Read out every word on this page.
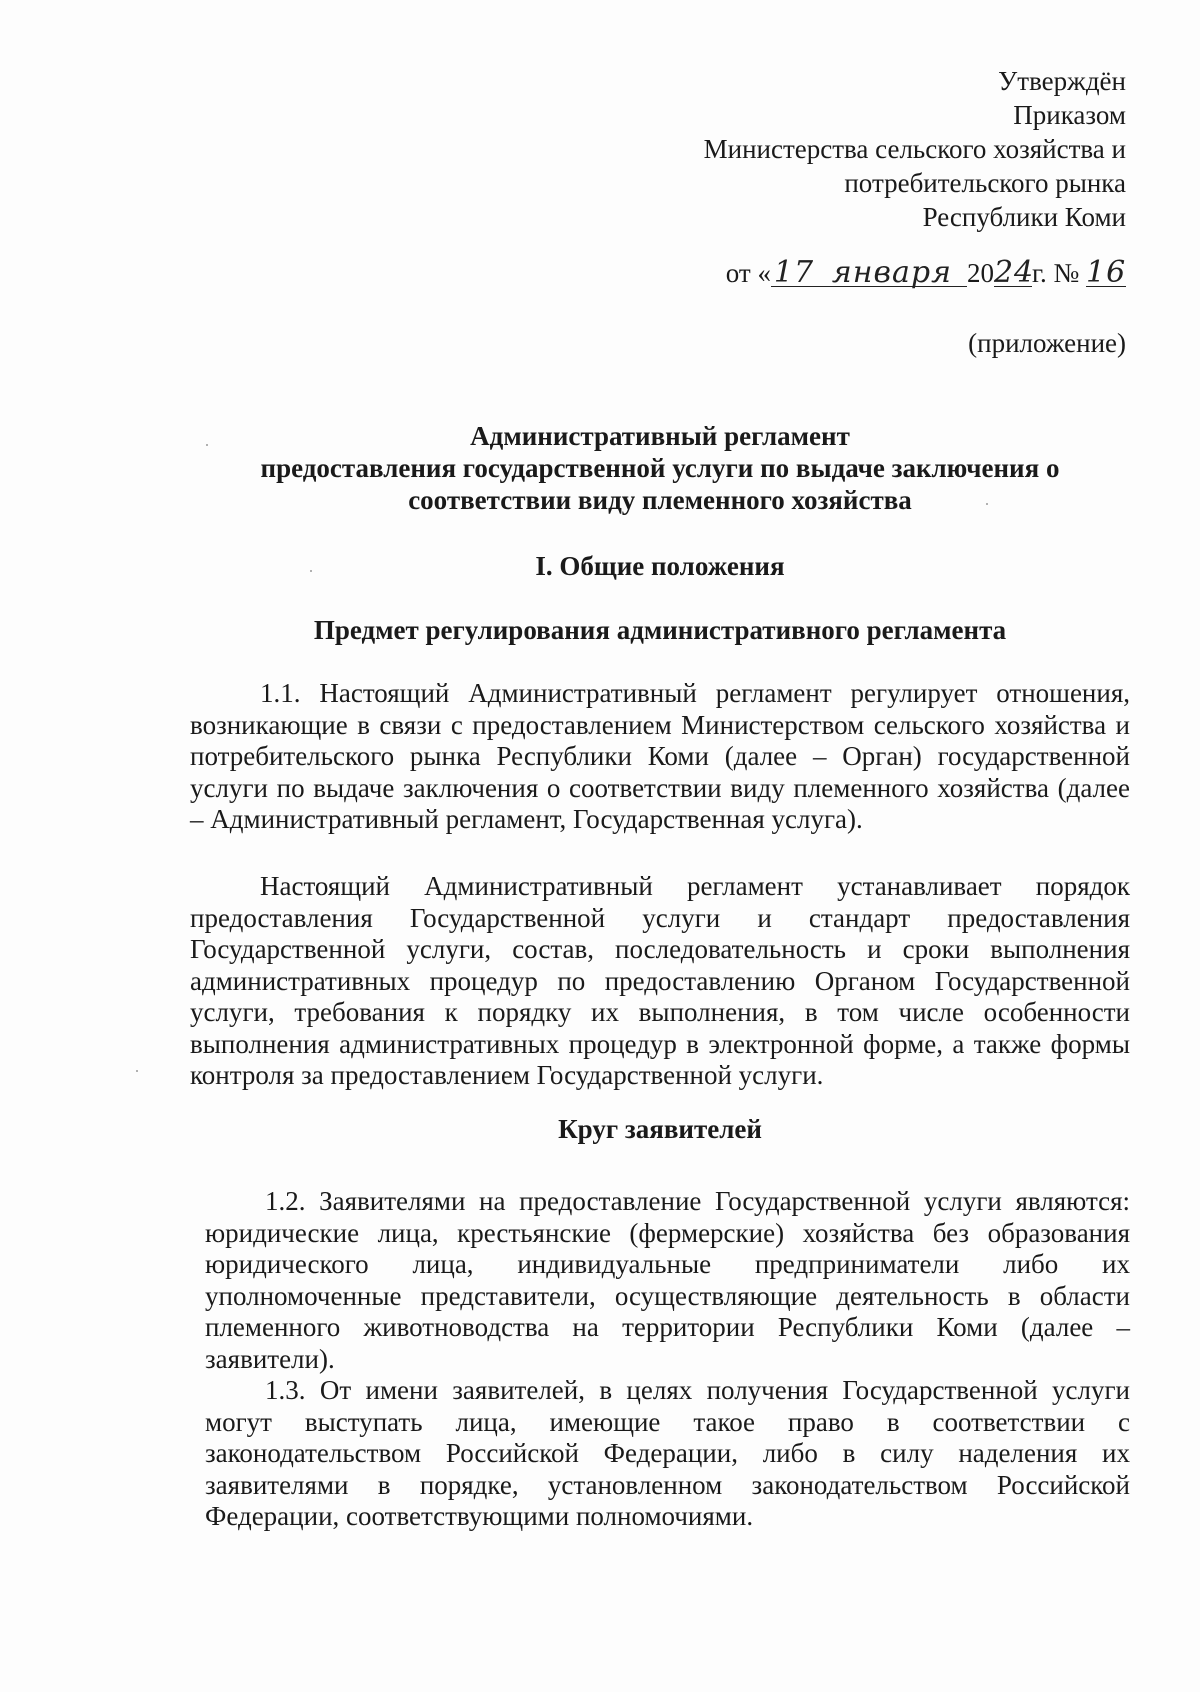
Утверждён
Приказом
Министерства сельского хозяйства и
потребительского рынка
Республики Коми
от «17 января 2024г. № 16
(приложение)
Административный регламент
предоставления государственной услуги по выдаче заключения о
соответствии виду племенного хозяйства
I. Общие положения
Предмет регулирования административного регламента

1.1. Настоящий Административный регламент регулирует отношения, возникающие в связи с предоставлением Министерством сельского хозяйства и потребительского рынка Республики Коми (далее – Орган) государственной услуги по выдаче заключения о соответствии виду племенного хозяйства (далее – Административный регламент, Государственная услуга).

Настоящий Административный регламент устанавливает порядок предоставления Государственной услуги и стандарт предоставления Государственной услуги, состав, последовательность и сроки выполнения административных процедур по предоставлению Органом Государственной услуги, требования к порядку их выполнения, в том числе особенности выполнения административных процедур в электронной форме, а также формы контроля за предоставлением Государственной услуги.

Круг заявителей

1.2. Заявителями на предоставление Государственной услуги являются: юридические лица, крестьянские (фермерские) хозяйства без образования юридического лица, индивидуальные предприниматели либо их уполномоченные представители, осуществляющие деятельность в области племенного животноводства на территории Республики Коми (далее – заявители).

1.3. От имени заявителей, в целях получения Государственной услуги могут выступать лица, имеющие такое право в соответствии с законодательством Российской Федерации, либо в силу наделения их заявителями в порядке, установленном законодательством Российской Федерации, соответствующими полномочиями.
